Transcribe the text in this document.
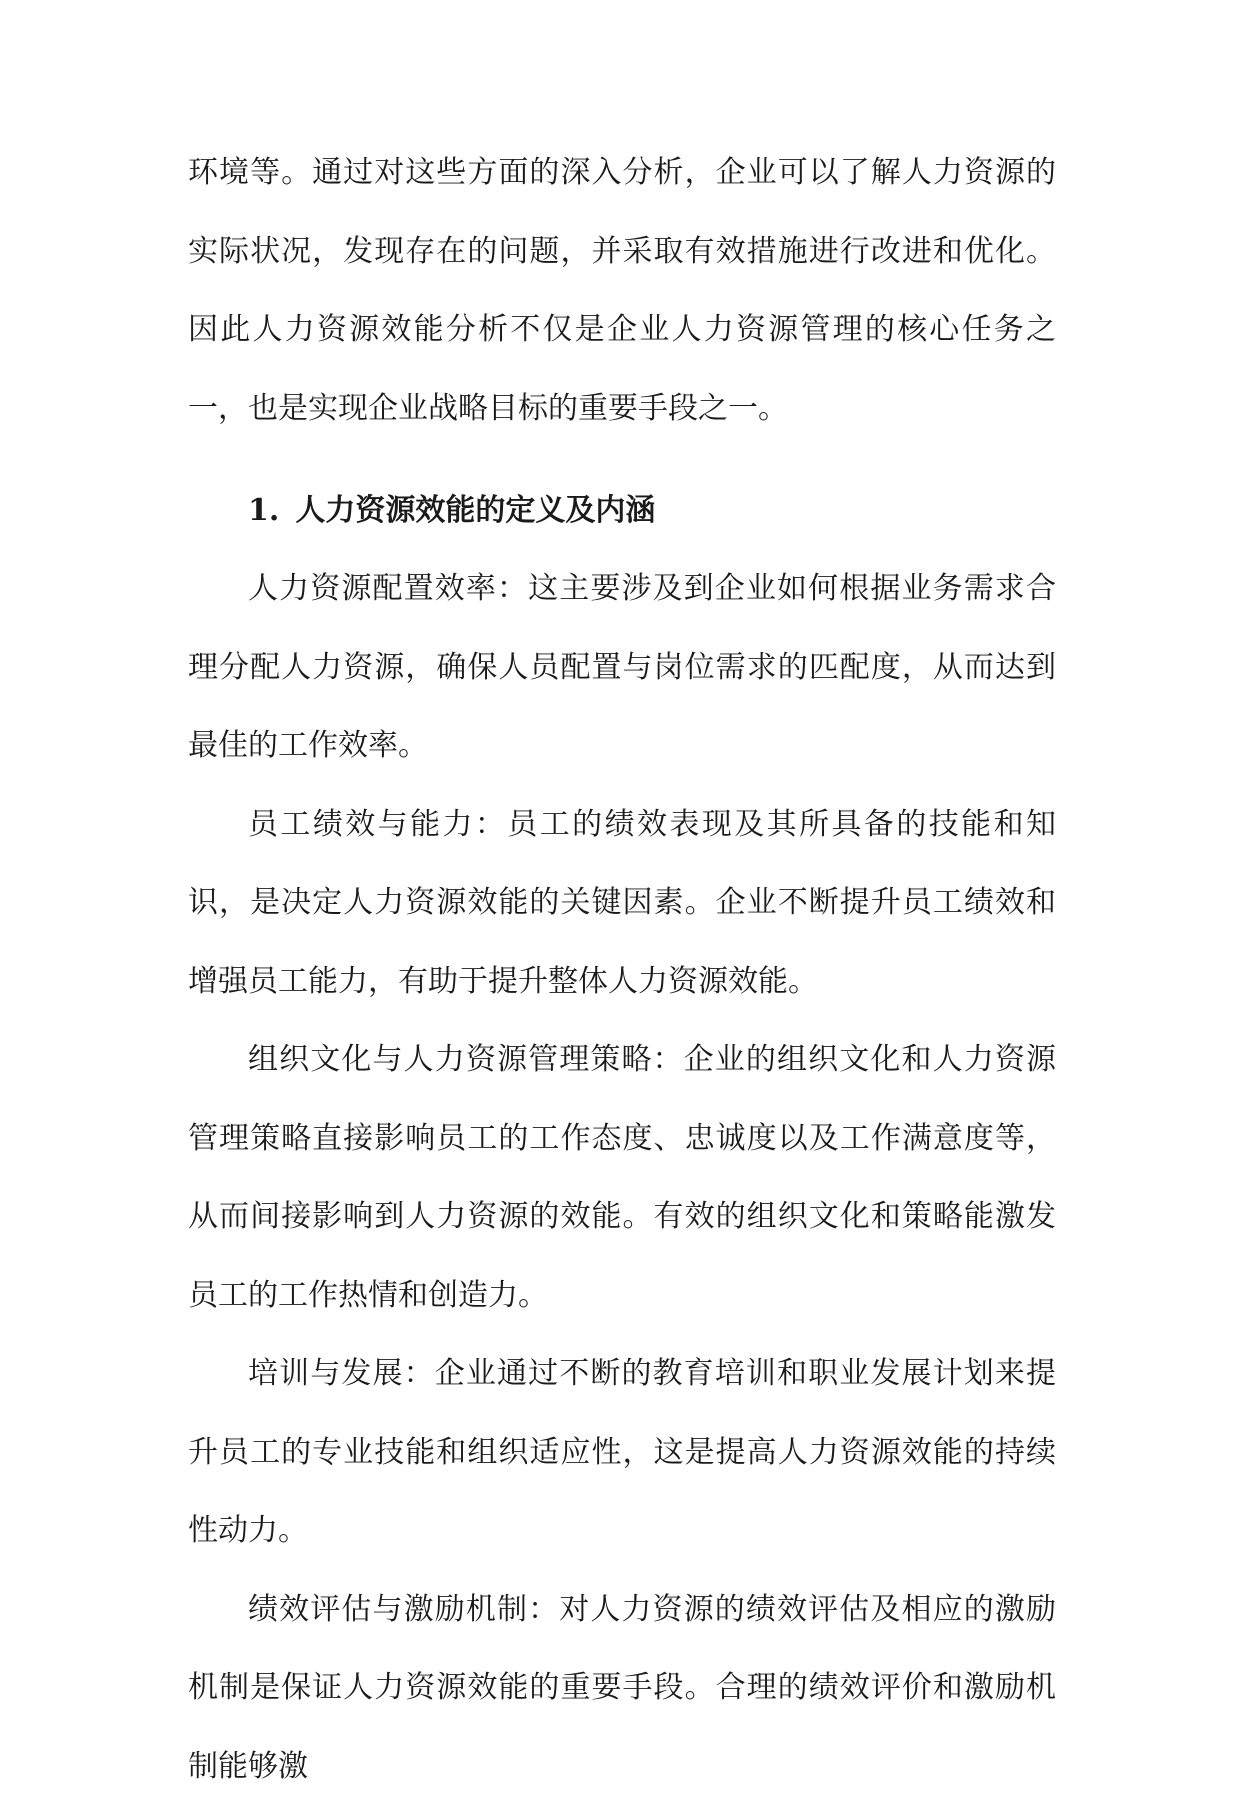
环境等。通过对这些方面的深入分析，企业可以了解人力资源的实际状况，发现存在的问题，并采取有效措施进行改进和优化。因此人力资源效能分析不仅是企业人力资源管理的核心任务之一，也是实现企业战略目标的重要手段之一。

1. 人力资源效能的定义及内涵

人力资源配置效率：这主要涉及到企业如何根据业务需求合理分配人力资源，确保人员配置与岗位需求的匹配度，从而达到最佳的工作效率。

员工绩效与能力：员工的绩效表现及其所具备的技能和知识，是决定人力资源效能的关键因素。企业不断提升员工绩效和增强员工能力，有助于提升整体人力资源效能。

组织文化与人力资源管理策略：企业的组织文化和人力资源管理策略直接影响员工的工作态度、忠诚度以及工作满意度等，从而间接影响到人力资源的效能。有效的组织文化和策略能激发员工的工作热情和创造力。

培训与发展：企业通过不断的教育培训和职业发展计划来提升员工的专业技能和组织适应性，这是提高人力资源效能的持续性动力。

绩效评估与激励机制：对人力资源的绩效评估及相应的激励机制是保证人力资源效能的重要手段。合理的绩效评价和激励机制能够激
